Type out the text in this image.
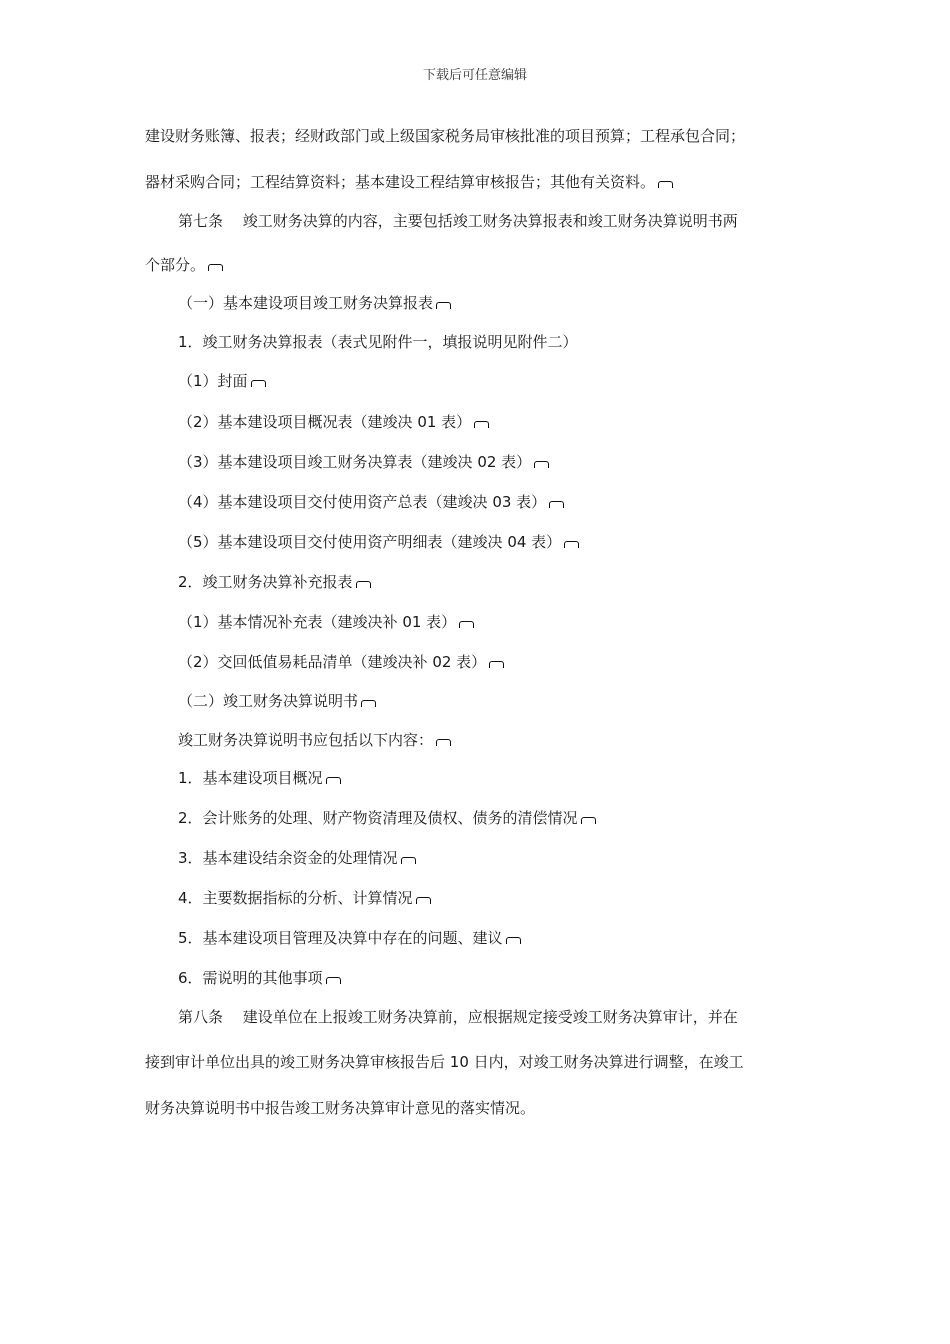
下载后可任意编辑
建设财务账簿、报表；经财政部门或上级国家税务局审核批准的项目预算；工程承包合同；
器材采购合同；工程结算资料；基本建设工程结算审核报告；其他有关资料。
第七条　 竣工财务决算的内容，主要包括竣工财务决算报表和竣工财务决算说明书两
个部分。
（一）基本建设项目竣工财务决算报表
1．竣工财务决算报表（表式见附件一，填报说明见附件二）
（1）封面
（2）基本建设项目概况表（建竣决 01 表）
（3）基本建设项目竣工财务决算表（建竣决 02 表）
（4）基本建设项目交付使用资产总表（建竣决 03 表）
（5）基本建设项目交付使用资产明细表（建竣决 04 表）
2．竣工财务决算补充报表
（1）基本情况补充表（建竣决补 01 表）
（2）交回低值易耗品清单（建竣决补 02 表）
（二）竣工财务决算说明书
竣工财务决算说明书应包括以下内容：
1．基本建设项目概况
2．会计账务的处理、财产物资清理及债权、债务的清偿情况
3．基本建设结余资金的处理情况
4．主要数据指标的分析、计算情况
5．基本建设项目管理及决算中存在的问题、建议
6．需说明的其他事项
第八条　 建设单位在上报竣工财务决算前，应根据规定接受竣工财务决算审计，并在
接到审计单位出具的竣工财务决算审核报告后 10 日内，对竣工财务决算进行调整，在竣工
财务决算说明书中报告竣工财务决算审计意见的落实情况。
